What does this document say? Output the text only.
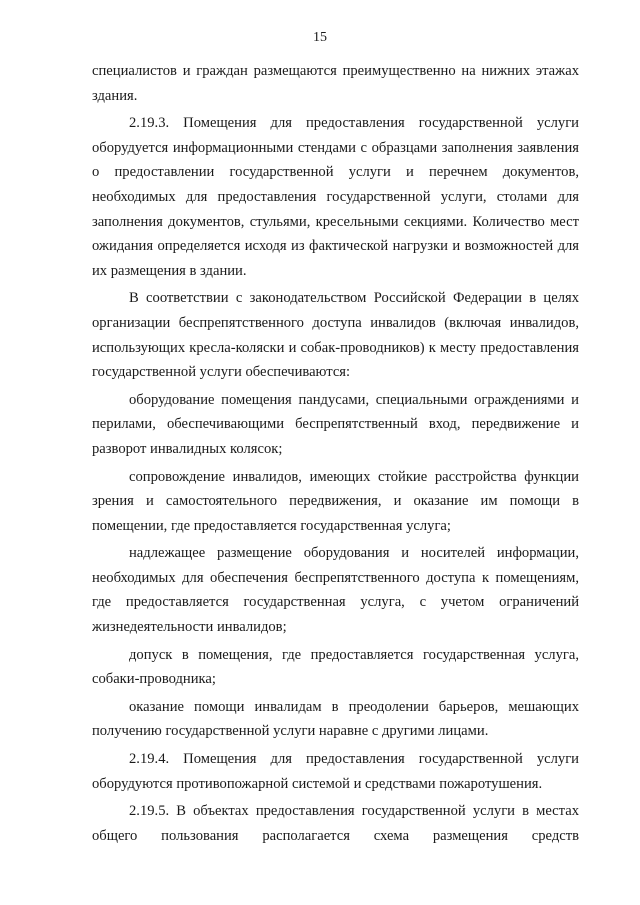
15

специалистов и граждан размещаются преимущественно на нижних этажах здания.

2.19.3. Помещения для предоставления государственной услуги оборудуется информационными стендами с образцами заполнения заявления о предоставлении государственной услуги и перечнем документов, необходимых для предоставления государственной услуги, столами для заполнения документов, стульями, кресельными секциями. Количество мест ожидания определяется исходя из фактической нагрузки и возможностей для их размещения в здании.

В соответствии с законодательством Российской Федерации в целях организации беспрепятственного доступа инвалидов (включая инвалидов, использующих кресла-коляски и собак-проводников) к месту предоставления государственной услуги обеспечиваются:

оборудование помещения пандусами, специальными ограждениями и перилами, обеспечивающими беспрепятственный вход, передвижение и разворот инвалидных колясок;

сопровождение инвалидов, имеющих стойкие расстройства функции зрения и самостоятельного передвижения, и оказание им помощи в помещении, где предоставляется государственная услуга;

надлежащее размещение оборудования и носителей информации, необходимых для обеспечения беспрепятственного доступа к помещениям, где предоставляется государственная услуга, с учетом ограничений жизнедеятельности инвалидов;

допуск в помещения, где предоставляется государственная услуга, собаки-проводника;

оказание помощи инвалидам в преодолении барьеров, мешающих получению государственной услуги наравне с другими лицами.

2.19.4. Помещения для предоставления государственной услуги оборудуются противопожарной системой и средствами пожаротушения.

2.19.5. В объектах предоставления государственной услуги в местах общего пользования располагается схема размещения средств
